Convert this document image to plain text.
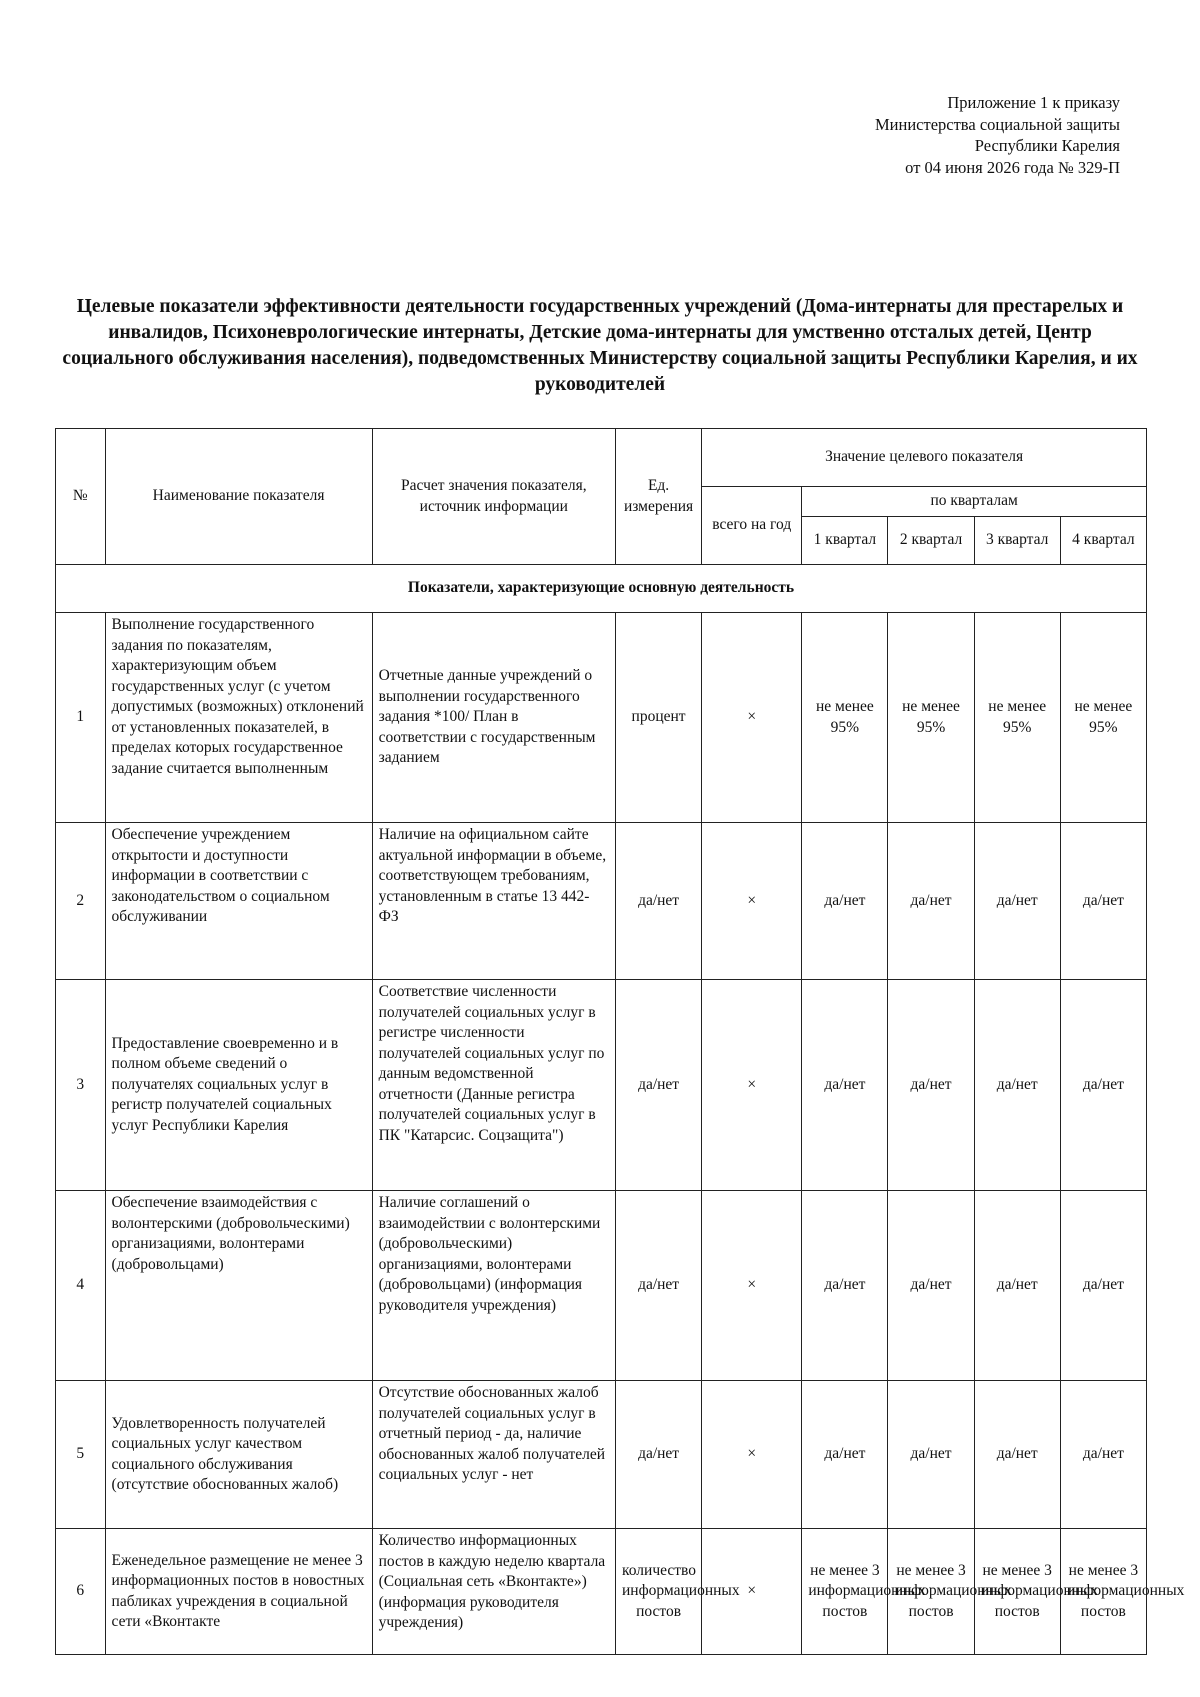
Приложение 1 к приказу
Министерства социальной защиты
Республики Карелия
от 04 июня 2026 года № 329-П
Целевые показатели эффективности деятельности государственных учреждений (Дома-интернаты для престарелых и инвалидов, Психоневрологические интернаты, Детские дома-интернаты для умственно отсталых детей, Центр социального обслуживания населения), подведомственных Министерству социальной защиты Республики Карелия, и их руководителей
№	Наименование показателя	Расчет значения показателя, источник информации	Ед. измерения	Значение целевого показателя				
				всего на год	по кварталам			
					1 квартал	2 квартал	3 квартал	4 квартал
Показатели, характеризующие основную деятельность								
1	Выполнение государственного задания по показателям, характеризующим объем государственных услуг (с учетом допустимых (возможных) отклонений от установленных показателей, в пределах которых государственное задание считается выполненным	Отчетные данные учреждений о выполнении государственного задания *100/ План в соответствии с государственным заданием	процент	×	не менее 95%	не менее 95%	не менее 95%	не менее 95%
2	Обеспечение учреждением открытости и доступности информации в соответствии с законодательством о социальном обслуживании	Наличие на официальном сайте актуальной информации в объеме, соответствующем требованиям, установленным в статье 13 442-ФЗ	да/нет	×	да/нет	да/нет	да/нет	да/нет
3	Предоставление своевременно и в полном объеме сведений о получателях социальных услуг в регистр получателей социальных услуг Республики Карелия	Соответствие численности получателей социальных услуг в регистре численности получателей социальных услуг по данным ведомственной отчетности (Данные регистра получателей социальных услуг в ПК "Катарсис. Соцзащита")	да/нет	×	да/нет	да/нет	да/нет	да/нет
4	Обеспечение взаимодействия с волонтерскими (добровольческими) организациями, волонтерами (добровольцами)	Наличие соглашений о взаимодействии с волонтерскими (добровольческими) организациями, волонтерами (добровольцами) (информация руководителя учреждения)	да/нет	×	да/нет	да/нет	да/нет	да/нет
5	Удовлетворенность получателей социальных услуг качеством социального обслуживания (отсутствие обоснованных жалоб)	Отсутствие обоснованных жалоб получателей социальных услуг в отчетный период - да, наличие обоснованных жалоб получателей социальных услуг - нет	да/нет	×	да/нет	да/нет	да/нет	да/нет
6	Еженедельное размещение не менее 3 информационных постов в новостных пабликах учреждения в социальной сети «Вконтакте	Количество информационных постов в каждую неделю квартала (Социальная сеть «Вконтакте») (информация руководителя учреждения)	количество информационных постов	×	не менее 3 информационных постов	не менее 3 информационных постов	не менее 3 информационных постов	не менее 3 информационных постов
